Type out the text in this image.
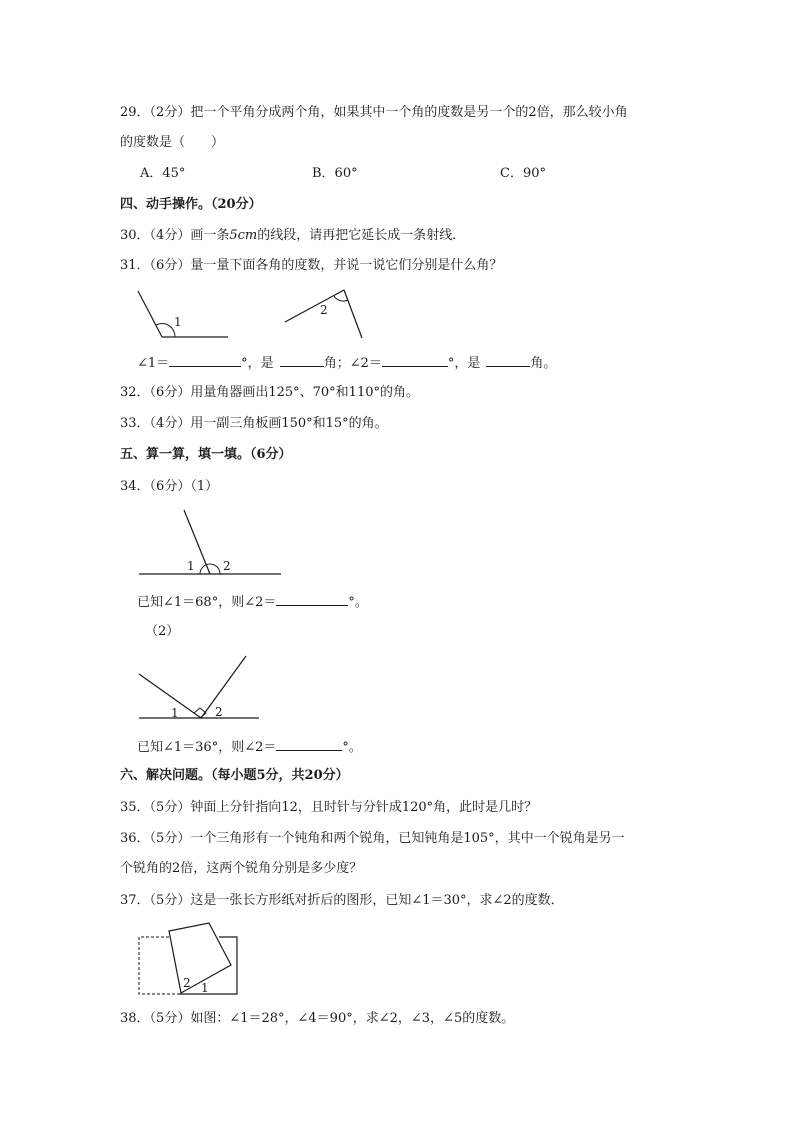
29．（2分）把一个平角分成两个角，如果其中一个角的度数是另一个的2倍，那么较小角
的度数是（　　）
A．45°	B．60°	C．90°
四、动手操作。（20分）
30．（4分）画一条5cm的线段，请再把它延长成一条射线．
31．（6分）量一量下面各角的度数，并说一说它们分别是什么角？
1
2
∠1＝	°，是	角；∠2＝	°，是	角。
32．（6分）用量角器画出125°、70°和110°的角。
33．（4分）用一副三角板画150°和15°的角。
五、算一算，填一填。（6分）
34．（6分）（1）
1 2
已知∠1＝68°，则∠2＝	°。
（2）
1	2
已知∠1＝36°，则∠2＝	°。
六、解决问题。（每小题5分，共20分）
35．（5分）钟面上分针指向12，且时针与分针成120°角，此时是几时？
36．（5分）一个三角形有一个钝角和两个锐角，已知钝角是105°，其中一个锐角是另一
个锐角的2倍，这两个锐角分别是多少度？
37．（5分）这是一张长方形纸对折后的图形，已知∠1＝30°，求∠2的度数．
2 1
38．（5分）如图：∠1＝28°，∠4＝90°，求∠2，∠3，∠5的度数。
